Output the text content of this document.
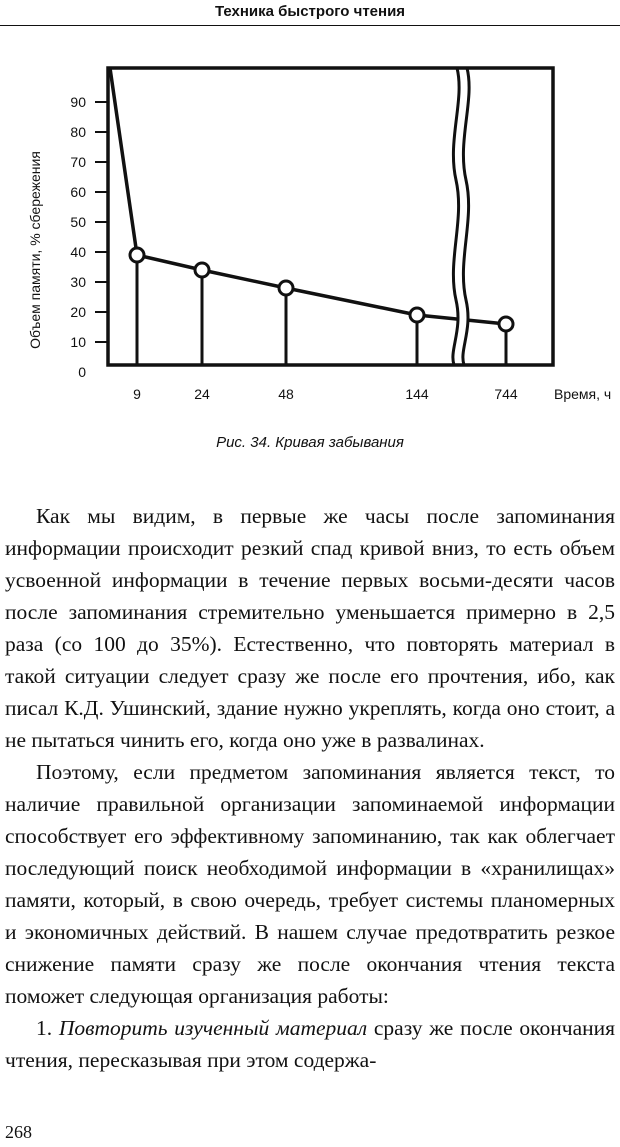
Техника быстрого чтения
0
10
20
30
40
50
60
70
80
90
9	24	48	144	744
Объем памяти, % сбережения
Время, ч
Рис. 34. Кривая забывания

Как мы видим, в первые же часы после запоминания информации происходит резкий спад кривой вниз, то есть объем усвоенной информации в течение первых восьми-десяти часов после запоминания стремительно уменьшается примерно в 2,5 раза (со 100 до 35%). Естественно, что повторять материал в такой ситуации следует сразу же после его прочтения, ибо, как писал К.Д. Ушинский, здание нужно укреплять, когда оно стоит, а не пытаться чинить его, когда оно уже в развалинах.

Поэтому, если предметом запоминания является текст, то наличие правильной организации запоминаемой информации способствует его эффективному запоминанию, так как облегчает последующий поиск необходимой информации в «хранилищах» памяти, который, в свою очередь, требует системы планомерных и экономичных действий. В нашем случае предотвратить резкое снижение памяти сразу же после окончания чтения текста поможет следующая организация работы:

1. Повторить изученный материал сразу же после окончания чтения, пересказывая при этом содержа-

268
